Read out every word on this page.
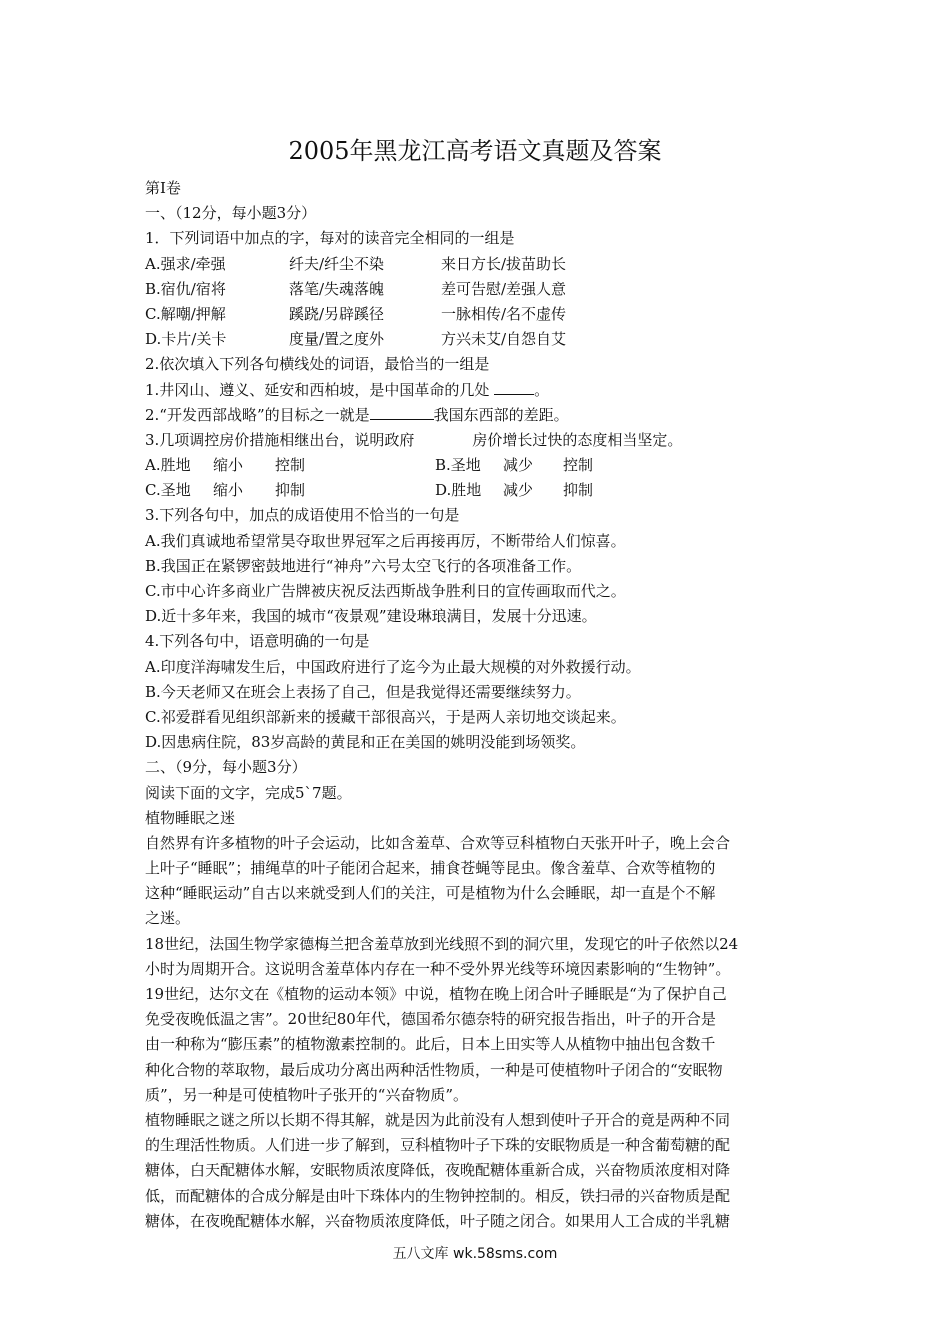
2005年黑龙江高考语文真题及答案
第Ⅰ卷
一、（12分，每小题3分）
1．下列词语中加点的字，每对的读音完全相同的一组是
A.强求/牵强	纤夫/纤尘不染	来日方长/拔苗助长
B.宿仇/宿将	落笔/失魂落魄	差可告慰/差强人意
C.解嘲/押解	蹊跷/另辟蹊径	一脉相传/名不虚传
D.卡片/关卡	度量/置之度外	方兴未艾/自怨自艾
2.依次填入下列各句横线处的词语，最恰当的一组是
1.井冈山、遵义、延安和西柏坡，是中国革命的几处	。
2.“开发西部战略”的目标之一就是	我国东西部的差距。
3.几项调控房价措施相继出台，说明政府	房价增长过快的态度相当坚定。
A.胜地 缩小 控制	B.圣地 减少 控制
C.圣地 缩小 抑制	D.胜地 减少 抑制
3.下列各句中，加点的成语使用不恰当的一句是
A.我们真诚地希望常昊夺取世界冠军之后再接再厉，不断带给人们惊喜。
B.我国正在紧锣密鼓地进行“神舟”六号太空飞行的各项准备工作。
C.市中心许多商业广告牌被庆祝反法西斯战争胜利日的宣传画取而代之。
D.近十多年来，我国的城市“夜景观”建设琳琅满目，发展十分迅速。
4.下列各句中，语意明确的一句是
A.印度洋海啸发生后，中国政府进行了迄今为止最大规模的对外救援行动。
B.今天老师又在班会上表扬了自己，但是我觉得还需要继续努力。
C.祁爱群看见组织部新来的援藏干部很高兴，于是两人亲切地交谈起来。
D.因患病住院，83岁高龄的黄昆和正在美国的姚明没能到场领奖。
二、（9分，每小题3分）
阅读下面的文字，完成5`7题。
植物睡眠之迷
自然界有许多植物的叶子会运动，比如含羞草、合欢等豆科植物白天张开叶子，晚上会合
上叶子“睡眠”；捕绳草的叶子能闭合起来，捕食苍蝇等昆虫。像含羞草、合欢等植物的
这种“睡眠运动”自古以来就受到人们的关注，可是植物为什么会睡眠，却一直是个不解
之迷。
18世纪，法国生物学家德梅兰把含羞草放到光线照不到的洞穴里，发现它的叶子依然以24
小时为周期开合。这说明含羞草体内存在一种不受外界光线等环境因素影响的“生物钟”。
19世纪，达尔文在《植物的运动本领》中说，植物在晚上闭合叶子睡眠是“为了保护自己
免受夜晚低温之害”。20世纪80年代，德国希尔德奈特的研究报告指出，叶子的开合是
由一种称为“膨压素”的植物激素控制的。此后，日本上田实等人从植物中抽出包含数千
种化合物的萃取物，最后成功分离出两种活性物质，一种是可使植物叶子闭合的“安眠物
质”，另一种是可使植物叶子张开的“兴奋物质”。
植物睡眠之谜之所以长期不得其解，就是因为此前没有人想到使叶子开合的竟是两种不同
的生理活性物质。人们进一步了解到，豆科植物叶子下珠的安眠物质是一种含葡萄糖的配
糖体，白天配糖体水解，安眠物质浓度降低，夜晚配糖体重新合成，兴奋物质浓度相对降
低，而配糖体的合成分解是由叶下珠体内的生物钟控制的。相反，铁扫帚的兴奋物质是配
糖体，在夜晚配糖体水解，兴奋物质浓度降低，叶子随之闭合。如果用人工合成的半乳糖
五八文库 wk.58sms.com
